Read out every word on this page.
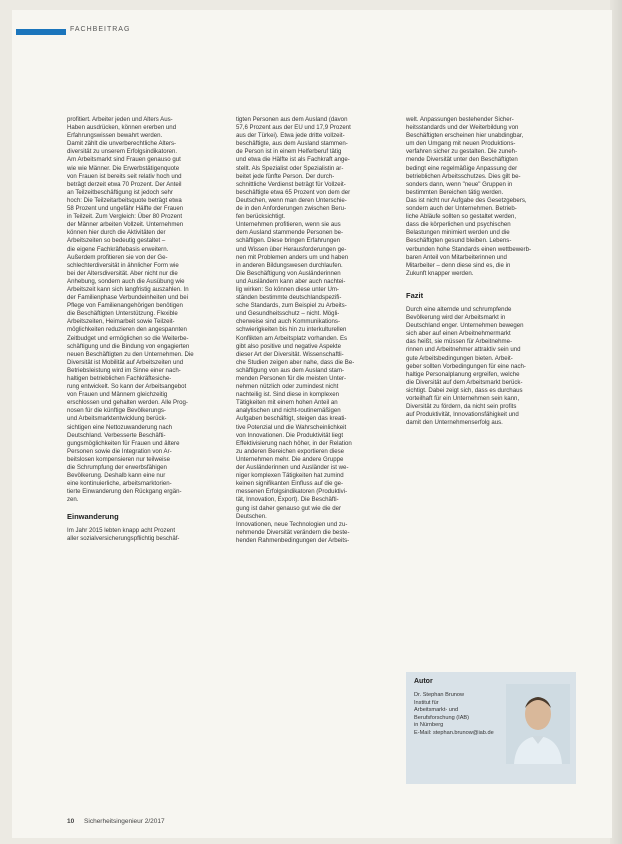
FACHBEITRAG
profitiert. Arbeiter jeden und Alters Aus-
Haben ausdrücken, können ererben und
Erfahrungswissen bewahrt werden.
Damit zählt die unverberechtliche Alters-
diversität zu unserem Erfolgsindikatoren.
Am Arbeitsmarkt sind Frauen genauso gut
wie wie Männer. Die Erwerbstätigenquote
von Frauen ist bereits seit relativ hoch und
beträgt derzeit etwa 70 Prozent. Der Anteil
an Teilzeitbeschäftigung ist jedoch sehr
hoch: Die Teilzeitarbeitsquote beträgt etwa
58 Prozent und ungefähr Hälfte der Frauen
in Teilzeit. Zum Vergleich: Über 80 Prozent
der Männer arbeiten Vollzeit. Unternehmen
können hier durch die Aktivitäten der
Arbeitszeiten so bedeutig gestaltet –
die eigene Fachkräftebasis erweitern.
Außerdem profitieren sie von der Ge-
schlechterdiversität in ähnlicher Form wie
bei der Altersdiversität. Aber nicht nur die
Anhebung, sondern auch die Ausübung wie
Arbeitszeit kann sich langfristig auszahlen. In
der Familienphase Verbundeinheiten und bei
Pflege von Familienangehörigen benötigen
die Beschäftigten Unterstützung. Flexible
Arbeitszeiten, Heimarbeit sowie Teilzeit-
möglichkeiten reduzieren den angespannten
Zeitbudget und ermöglichen so die Weiterbe-
schäftigung und die Bindung von engagierten
neuen Beschäftigten zu den Unternehmen. Die
Diversität ist Mobilität auf Arbeitszeiten und
Betriebsleistung wird im Sinne einer nach-
haltigen betrieblichen Fachkräftesiche-
rung entwickelt. So kann der Arbeitsangebot
von Frauen und Männern gleichzeitig
erschlossen und gehalten werden. Alle Prog-
nosen für die künftige Bevölkerungs-
und Arbeitsmarktentwicklung berück-
sichtigen eine Nettozuwanderung nach
Deutschland. Verbesserte Beschäfti-
gungsmöglichkeiten für Frauen und ältere
Personen sowie die Integration von Ar-
beitslosen kompensieren nur teilweise
die Schrumpfung der erwerbsfähigen
Bevölkerung. Deshalb kann eine nur
eine kontinuierliche, arbeitsmarktorien-
tierte Einwanderung den Rückgang ergän-
zen.
Einwanderung
Im Jahr 2015 lebten knapp acht Prozent
aller sozialversicherungspflichtig beschäf-
tigten Personen aus dem Ausland (davon
57,6 Prozent aus der EU und 17,9 Prozent
aus der Türkei). Etwa jede dritte vollzeit-
beschäftigte, aus dem Ausland stammen-
de Person ist in einem Helferberuf tätig
und etwa die Hälfte ist als Fachkraft ange-
stellt. Als Spezialist oder Spezialistin ar-
beitet jede fünfte Person. Der durch-
schnittliche Verdienst beträgt für Vollzeit-
beschäftigte etwa 65 Prozent von dem der
Deutschen, wenn man deren Unterschie-
de in den Anforderungen zwischen Beru-
fen berücksichtigt.
Unternehmen profitieren, wenn sie aus
dem Ausland stammende Personen be-
schäftigen. Diese bringen Erfahrungen
und Wissen über Herausforderungen ge-
nen mit Problemen anders um und haben
in anderen Bildungswesen durchlaufen.
Die Beschäftigung von Ausländerinnen
und Ausländern kann aber auch nachtei-
lig wirken: So können diese unter Um-
ständen bestimmte deutschlandspezifi-
sche Standards, zum Beispiel zu Arbeits-
und Gesundheitsschutz – nicht. Mögli-
cherweise sind auch Kommunikations-
schwierigkeiten bis hin zu interkulturellen
Konflikten am Arbeitsplatz vorhanden. Es
gibt also positive und negative Aspekte
dieser Art der Diversität. Wissenschaftli-
che Studien zeigen aber nahe, dass die Be-
schäftigung von aus dem Ausland stam-
menden Personen für die meisten Unter-
nehmen nützlich oder zumindest nicht
nachteilig ist. Sind diese in komplexen
Tätigkeiten mit einem hohen Anteil an
analytischen und nicht-routinemäßigen
Aufgaben beschäftigt, steigen das kreati-
tive Potenzial und die Wahrscheinlichkeit
von Innovationen. Die Produktivität liegt
Effektivisierung nach höher, in der Relation
zu anderen Bereichen exportieren diese
Unternehmen mehr. Die andere Gruppe
der Ausländerinnen und Ausländer ist we-
niger komplexen Tätigkeiten hat zumind
keinen signifikanten Einfluss auf die ge-
messenen Erfolgsindikatoren (Produktivi-
tät, Innovation, Export). Die Beschäfti-
gung ist daher genauso gut wie die der
Deutschen.
Innovationen, neue Technologien und zu-
nehmende Diversität verändern die beste-
henden Rahmenbedingungen der Arbeits-
welt. Anpassungen bestehender Sicher-
heitsstandards und der Weiterbildung von
Beschäftigten erscheinen hier unabdingbar,
um den Umgang mit neuen Produktions-
verfahren sicher zu gestalten. Die zuneh-
mende Diversität unter den Beschäftigten
bedingt eine regelmäßige Anpassung der
betrieblichen Arbeitsschutzes. Dies gilt be-
sonders dann, wenn "neue" Gruppen in
bestimmten Bereichen tätig werden.
Das ist nicht nur Aufgabe des Gesetzgebers,
sondern auch der Unternehmen. Betrieb-
liche Abläufe sollten so gestaltet werden,
dass die körperlichen und psychischen
Belastungen minimiert werden und die
Beschäftigten gesund bleiben. Lebens-
verbunden hohe Standards einen wettbewerb-
baren Anteil von Mitarbeiterinnen und
Mitarbeiter – denn diese sind es, die in
Zukunft knapper werden.
Fazit
Durch eine alternde und schrumpfende
Bevölkerung wird der Arbeitsmarkt in
Deutschland enger. Unternehmen bewegen
sich aber auf einen Arbeitnehmermarkt
das heißt, sie müssen für Arbeitnehme-
rinnen und Arbeitnehmer attraktiv sein und
gute Arbeitsbedingungen bieten. Arbeit-
geber sollten Vorbedingungen für eine nach-
haltige Personalplanung ergreifen, welche
die Diversität auf dem Arbeitsmarkt berück-
sichtigt. Dabei zeigt sich, dass es durchaus
vorteilhaft für ein Unternehmen sein kann,
Diversität zu fördern, da nicht sein profits
auf Produktivität, Innovationsfähigkeit und
damit den Unternehmenserfolg aus.
Autor
Dr. Stephan Brunow
Institut für
Arbeitsmarkt- und
Berufsforschung (IAB)
in Nürnberg
E-Mail: stephan.brunow@iab.de
10 Sicherheitsingenieur 2/2017
